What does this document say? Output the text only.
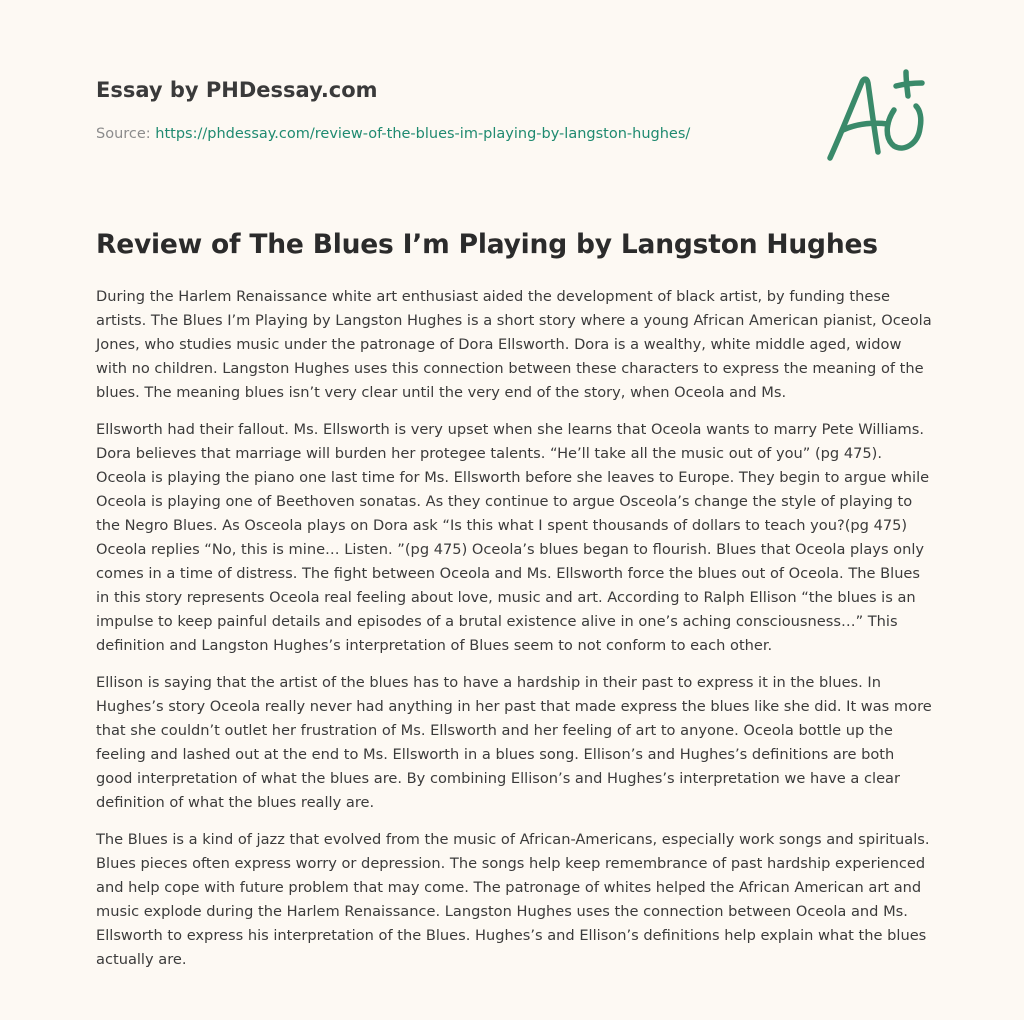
Essay by PHDessay.com
Source: https://phdessay.com/review-of-the-blues-im-playing-by-langston-hughes/
Review of The Blues I’m Playing by Langston Hughes

During the Harlem Renaissance white art enthusiast aided the development of black artist, by funding these artists. The Blues I’m Playing by Langston Hughes is a short story where a young African American pianist, Oceola Jones, who studies music under the patronage of Dora Ellsworth. Dora is a wealthy, white middle aged, widow with no children. Langston Hughes uses this connection between these characters to express the meaning of the blues. The meaning blues isn’t very clear until the very end of the story, when Oceola and Ms.

Ellsworth had their fallout. Ms. Ellsworth is very upset when she learns that Oceola wants to marry Pete Williams. Dora believes that marriage will burden her protegee talents. “He’ll take all the music out of you” (pg 475). Oceola is playing the piano one last time for Ms. Ellsworth before she leaves to Europe. They begin to argue while Oceola is playing one of Beethoven sonatas. As they continue to argue Osceola’s change the style of playing to the Negro Blues. As Osceola plays on Dora ask “Is this what I spent thousands of dollars to teach you?(pg 475) Oceola replies “No, this is mine… Listen. ”(pg 475) Oceola’s blues began to flourish. Blues that Oceola plays only comes in a time of distress. The fight between Oceola and Ms. Ellsworth force the blues out of Oceola. The Blues in this story represents Oceola real feeling about love, music and art. According to Ralph Ellison “the blues is an impulse to keep painful details and episodes of a brutal existence alive in one’s aching consciousness…” This definition and Langston Hughes’s interpretation of Blues seem to not conform to each other.

Ellison is saying that the artist of the blues has to have a hardship in their past to express it in the blues. In Hughes’s story Oceola really never had anything in her past that made express the blues like she did. It was more that she couldn’t outlet her frustration of Ms. Ellsworth and her feeling of art to anyone. Oceola bottle up the feeling and lashed out at the end to Ms. Ellsworth in a blues song. Ellison’s and Hughes’s definitions are both good interpretation of what the blues are. By combining Ellison’s and Hughes’s interpretation we have a clear definition of what the blues really are.

The Blues is a kind of jazz that evolved from the music of African-Americans, especially work songs and spirituals. Blues pieces often express worry or depression. The songs help keep remembrance of past hardship experienced and help cope with future problem that may come. The patronage of whites helped the African American art and music explode during the Harlem Renaissance. Langston Hughes uses the connection between Oceola and Ms. Ellsworth to express his interpretation of the Blues. Hughes’s and Ellison’s definitions help explain what the blues actually are.
